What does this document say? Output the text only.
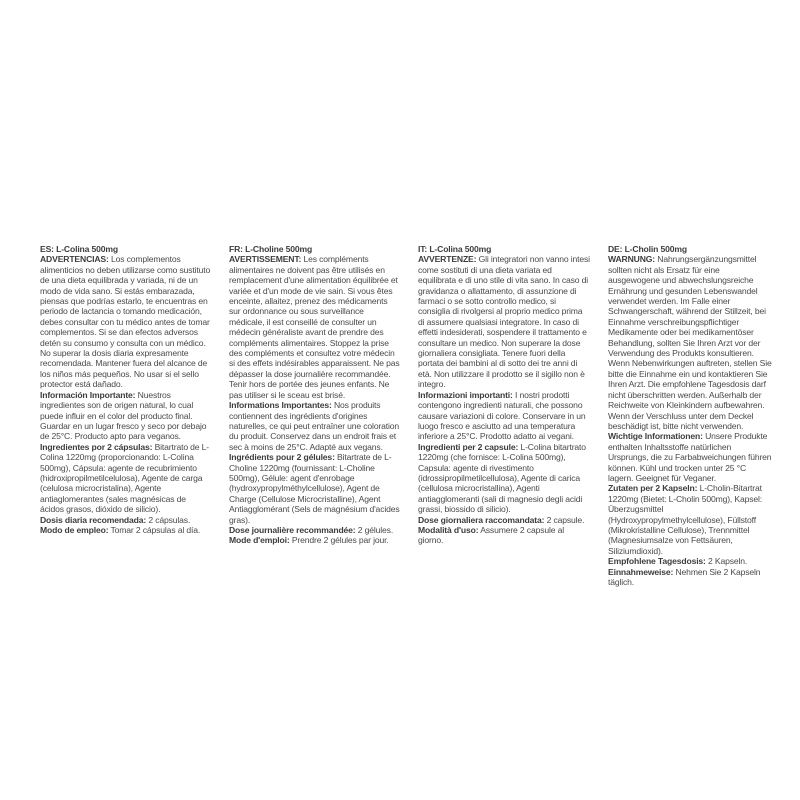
ES: L-Colina 500mg

ADVERTENCIAS: Los complementos alimenticios no deben utilizarse como sustituto de una dieta equilibrada y variada, ni de un modo de vida sano. Si estás embarazada, piensas que podrías estarlo, te encuentras en periodo de lactancia o tomando medicación, debes consultar con tu médico antes de tomar complementos. Si se dan efectos adversos detén su consumo y consulta con un médico. No superar la dosis diaria expresamente recomendada. Mantener fuera del alcance de los niños más pequeños. No usar si el sello protector está dañado.

Información Importante: Nuestros ingredientes son de origen natural, lo cual puede influir en el color del producto final. Guardar en un lugar fresco y seco por debajo de 25°C. Producto apto para veganos.

Ingredientes por 2 cápsulas: Bitartrato de L-Colina 1220mg (proporcionando: L-Colina 500mg), Cápsula: agente de recubrimiento (hidroxipropilmetilcelulosa), Agente de carga (celulosa microcristalina), Agente antiaglomerantes (sales magnésicas de ácidos grasos, dióxido de silicio).

Dosis diaria recomendada: 2 cápsulas.

Modo de empleo: Tomar 2 cápsulas al día.

FR: L-Choline 500mg

AVERTISSEMENT: Les compléments alimentaires ne doivent pas être utilisés en remplacement d'une alimentation équilibrée et variée et d'un mode de vie sain. Si vous êtes enceinte, allaitez, prenez des médicaments sur ordonnance ou sous surveillance médicale, il est conseillé de consulter un médecin généraliste avant de prendre des compléments alimentaires. Stoppez la prise des compléments et consultez votre médecin si des effets indésirables apparaissent. Ne pas dépasser la dose journalière recommandée. Tenir hors de portée des jeunes enfants. Ne pas utiliser si le sceau est brisé.

Informations Importantes: Nos produits contiennent des ingrédients d'origines naturelles, ce qui peut entraîner une coloration du produit. Conservez dans un endroit frais et sec à moins de 25°C. Adapté aux vegans.

Ingrédients pour 2 gélules: Bitartrate de L-Choline 1220mg (fournissant: L-Choline 500mg), Gélule: agent d'enrobage (hydroxypropylméthylcellulose), Agent de Charge (Cellulose Microcristalline), Agent Antiagglomérant (Sels de magnésium d'acides gras).

Dose journalière recommandée: 2 gélules.

Mode d'emploi: Prendre 2 gélules par jour.

IT: L-Colina 500mg

AVVERTENZE: Gli integratori non vanno intesi come sostituti di una dieta variata ed equilibrata e di uno stile di vita sano. In caso di gravidanza o allattamento, di assunzione di farmaci o se sotto controllo medico, si consiglia di rivolgersi al proprio medico prima di assumere qualsiasi integratore. In caso di effetti indesiderati, sospendere il trattamento e consultare un medico. Non superare la dose giornaliera consigliata. Tenere fuori della portata dei bambini al di sotto dei tre anni di età. Non utilizzare il prodotto se il sigillo non è integro.

Informazioni importanti: I nostri prodotti contengono ingredienti naturali, che possono causare variazioni di colore. Conservare in un luogo fresco e asciutto ad una temperatura inferiore a 25°C. Prodotto adatto ai vegani.

Ingredienti per 2 capsule: L-Colina bitartrato 1220mg (che fornisce: L-Colina 500mg), Capsula: agente di rivestimento (idrossipropilmetilcellulosa), Agente di carica (cellulosa microcristallina), Agenti antiagglomeranti (sali di magnesio degli acidi grassi, biossido di silicio).

Dose giornaliera raccomandata: 2 capsule.

Modalità d'uso: Assumere 2 capsule al giorno.

DE: L-Cholin 500mg

WARNUNG: Nahrungsergänzungsmittel sollten nicht als Ersatz für eine ausgewogene und abwechslungsreiche Ernährung und gesunden Lebenswandel verwendet werden. Im Falle einer Schwangerschaft, während der Stillzeit, bei Einnahme verschreibungspflichtiger Medikamente oder bei medikamentöser Behandlung, sollten Sie Ihren Arzt vor der Verwendung des Produkts konsultieren. Wenn Nebenwirkungen auftreten, stellen Sie bitte die Einnahme ein und kontaktieren Sie Ihren Arzt. Die empfohlene Tagesdosis darf nicht überschritten werden. Außerhalb der Reichweite von Kleinkindern aufbewahren. Wenn der Verschluss unter dem Deckel beschädigt ist, bitte nicht verwenden.

Wichtige Informationen: Unsere Produkte enthalten Inhaltsstoffe natürlichen Ursprungs, die zu Farbabweichungen führen können. Kühl und trocken unter 25 °C lagern. Geeignet für Veganer.

Zutaten per 2 Kapseln: L-Cholin-Bitartrat 1220mg (Bietet: L-Cholin 500mg), Kapsel: Überzugsmittel (Hydroxypropylmethylcellulose), Füllstoff (Mikrokristalline Cellulose), Trennmittel (Magnesiumsalze von Fettsäuren, Siliziumdioxid).

Empfohlene Tagesdosis: 2 Kapseln.

Einnahmeweise: Nehmen Sie 2 Kapseln täglich.
